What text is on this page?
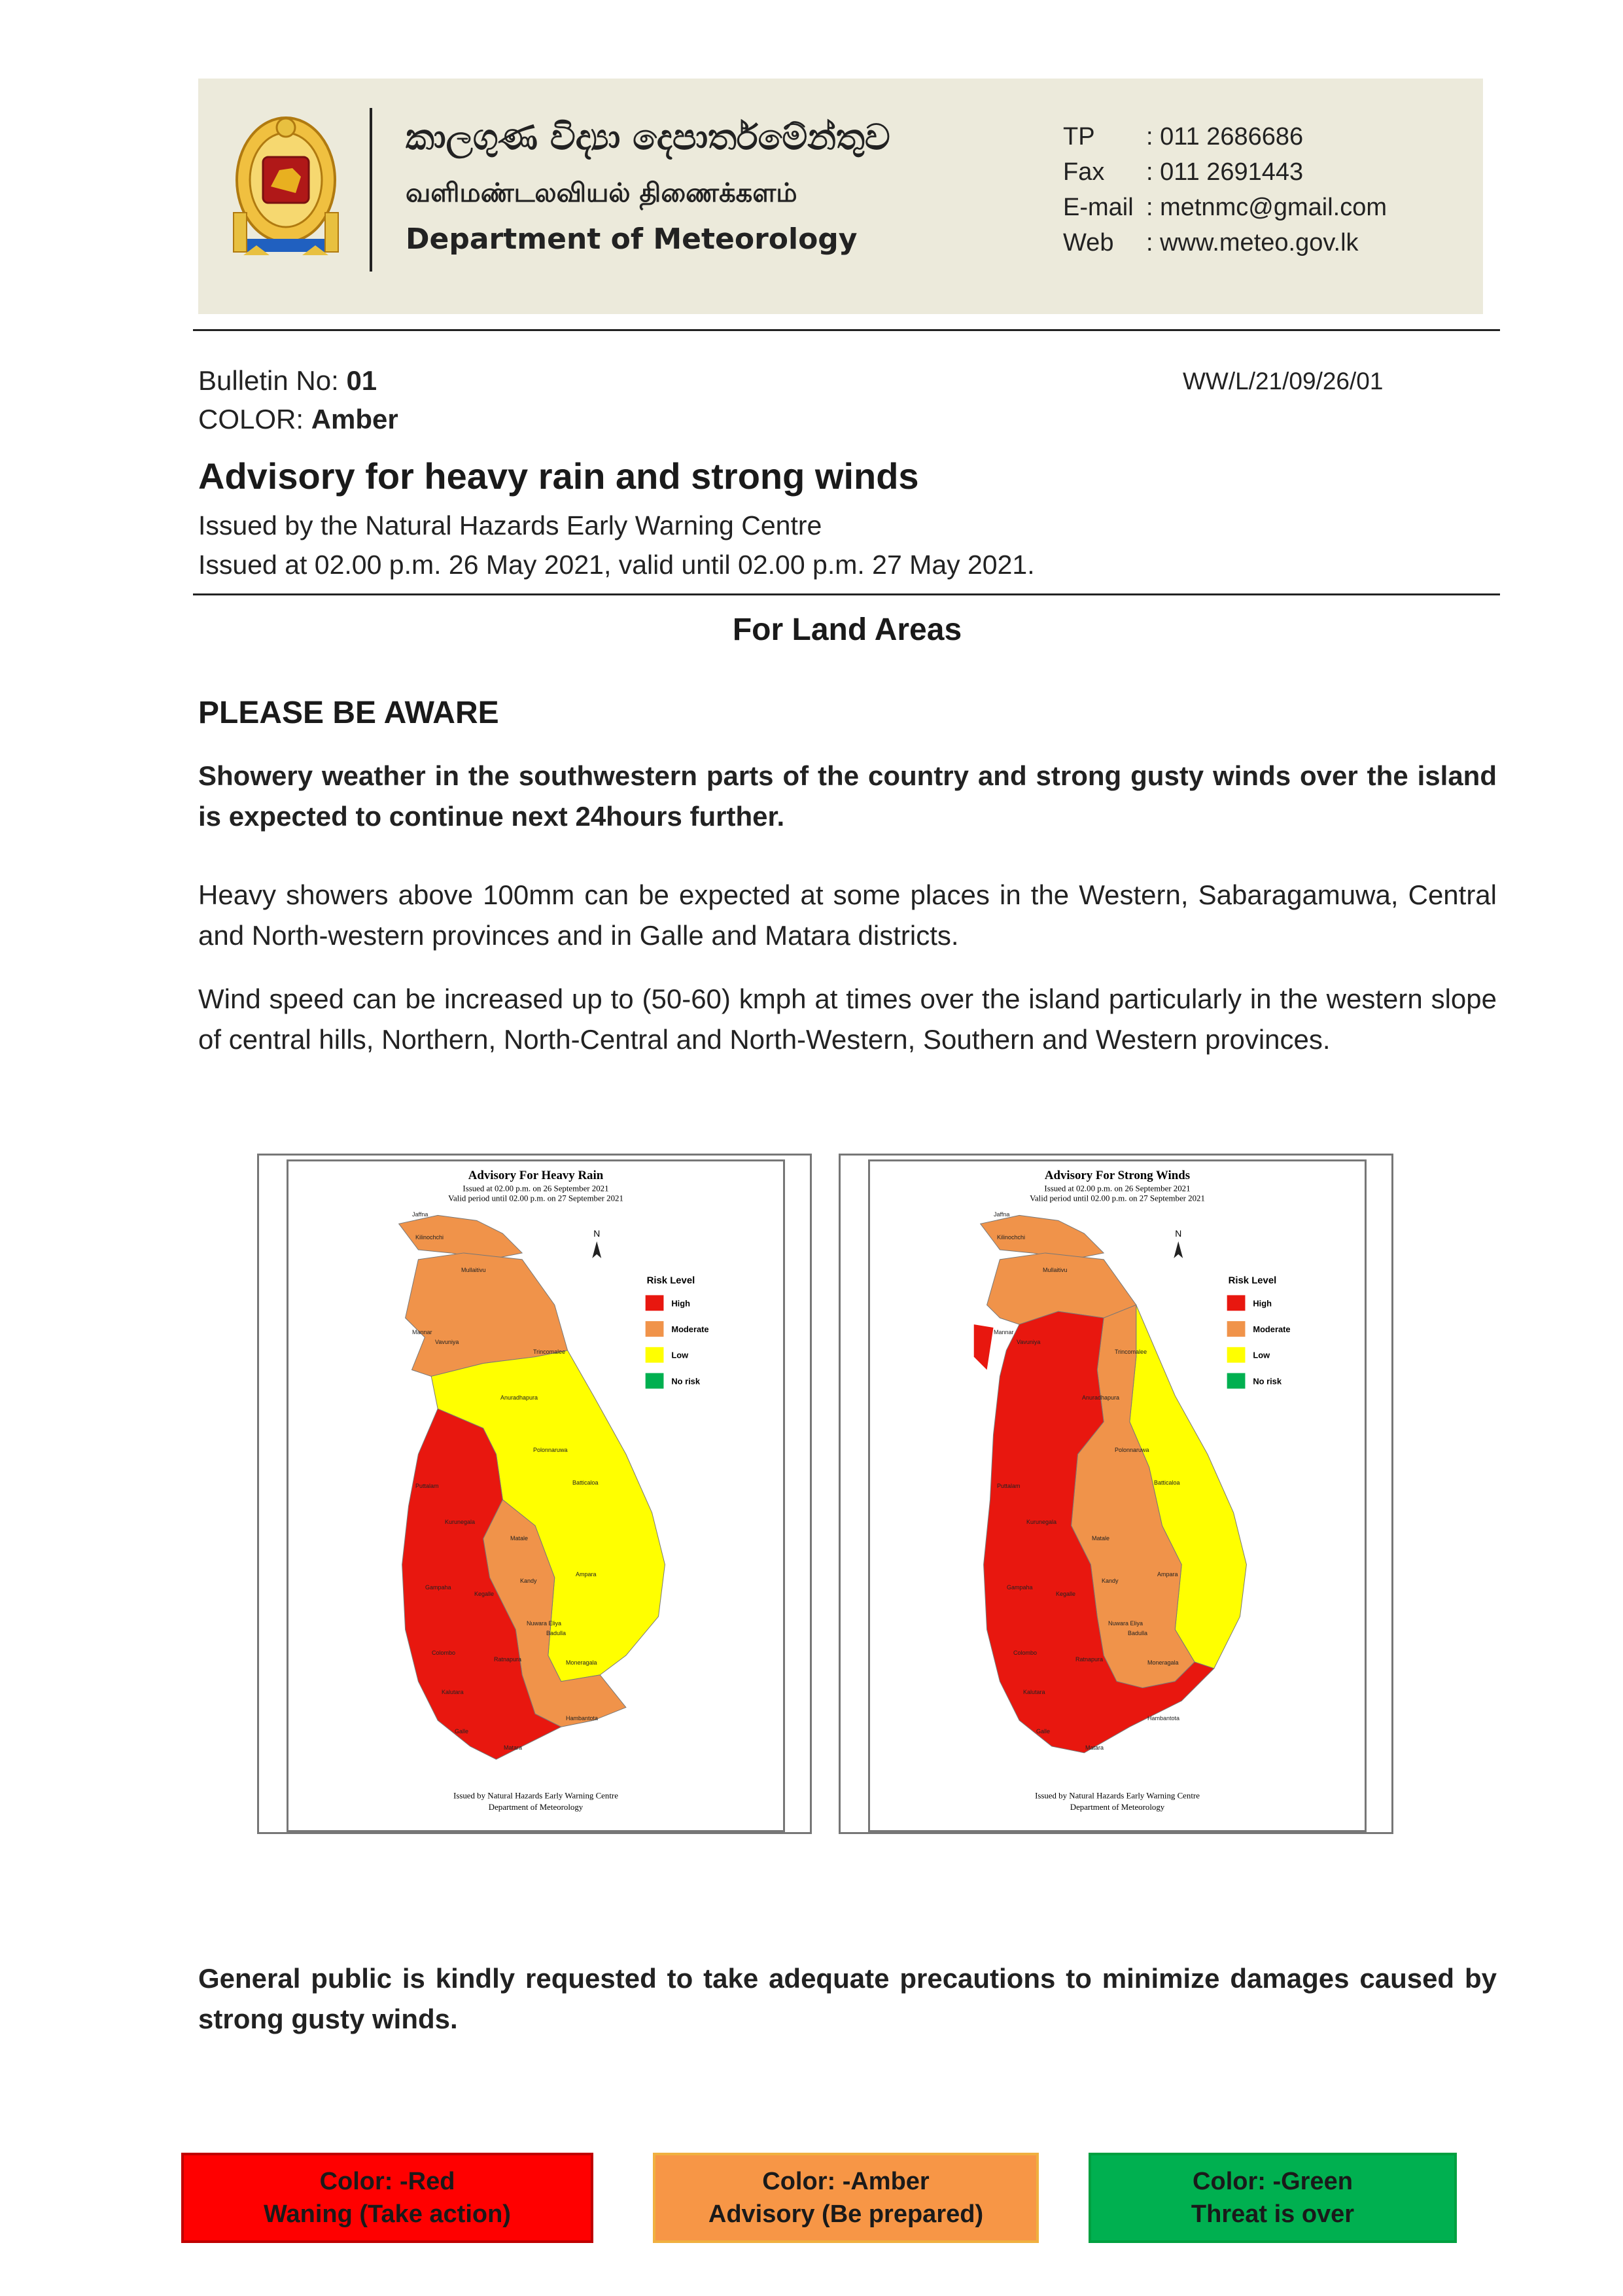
කාලගුණ විද්‍යා දෙපාර්තමේන්තුව
வளிமண்டலவியல் திணைக்களம்
Department of Meteorology
TP : 011 2686686
Fax : 011 2691443
E-mail : metnmc@gmail.com
Web : www.meteo.gov.lk
Bulletin No: 01
COLOR: Amber
WW/L/21/09/26/01
Advisory for heavy rain and strong winds
Issued by the Natural Hazards Early Warning Centre
Issued at 02.00 p.m. 26 May 2021, valid until 02.00 p.m. 27 May 2021.
For Land Areas
PLEASE BE AWARE
Showery weather in the southwestern parts of the country and strong gusty winds over the island is expected to continue next 24hours further.
Heavy showers above 100mm can be expected at some places in the Western, Sabaragamuwa, Central and North-western provinces and in Galle and Matara districts.
Wind speed can be increased up to (50-60) kmph at times over the island particularly in the western slope of central hills, Northern, North-Central and North-Western, Southern and Western provinces.
Advisory For Heavy Rain
Issued at 02.00 p.m. on 26 September 2021
Valid period until 02.00 p.m. on 27 September 2021
Risk Level
High
Moderate
Low
No risk
N
Issued by Natural Hazards Early Warning Centre
Department of Meteorology
Advisory For Strong Winds
Issued at 02.00 p.m. on 26 September 2021
Valid period until 02.00 p.m. on 27 September 2021
Risk Level
High
Moderate
Low
No risk
N
Issued by Natural Hazards Early Warning Centre
Department of Meteorology
Jaffna
Kilinochchi
Mullaitivu
Mannar
Vavuniya
Trincomalee
Anuradhapura
Polonnaruwa
Batticaloa
Puttalam
Kurunegala
Matale
Kandy
Ampara
Gampaha
Kegalle
Nuwara Eliya
Badulla
Colombo
Ratnapura	Moneragala
Kalutara
Galle
Matara
Hambantota
Jaffna
Kilinochchi
Mullaitivu
Mannar
Vavuniya
Trincomalee
Anuradhapura
Polonnaruwa
Batticaloa
Puttalam
Kurunegala
Matale
Kandy
Ampara
Gampaha
Kegalle
Nuwara Eliya
Badulla
Colombo
Ratnapura	Moneragala
Kalutara
Galle
Matara
Hambantota
General public is kindly requested to take adequate precautions to minimize damages caused by strong gusty winds.
Color: -Red
Waning (Take action)
Color: -Amber
Advisory (Be prepared)
Color: -Green
Threat is over
